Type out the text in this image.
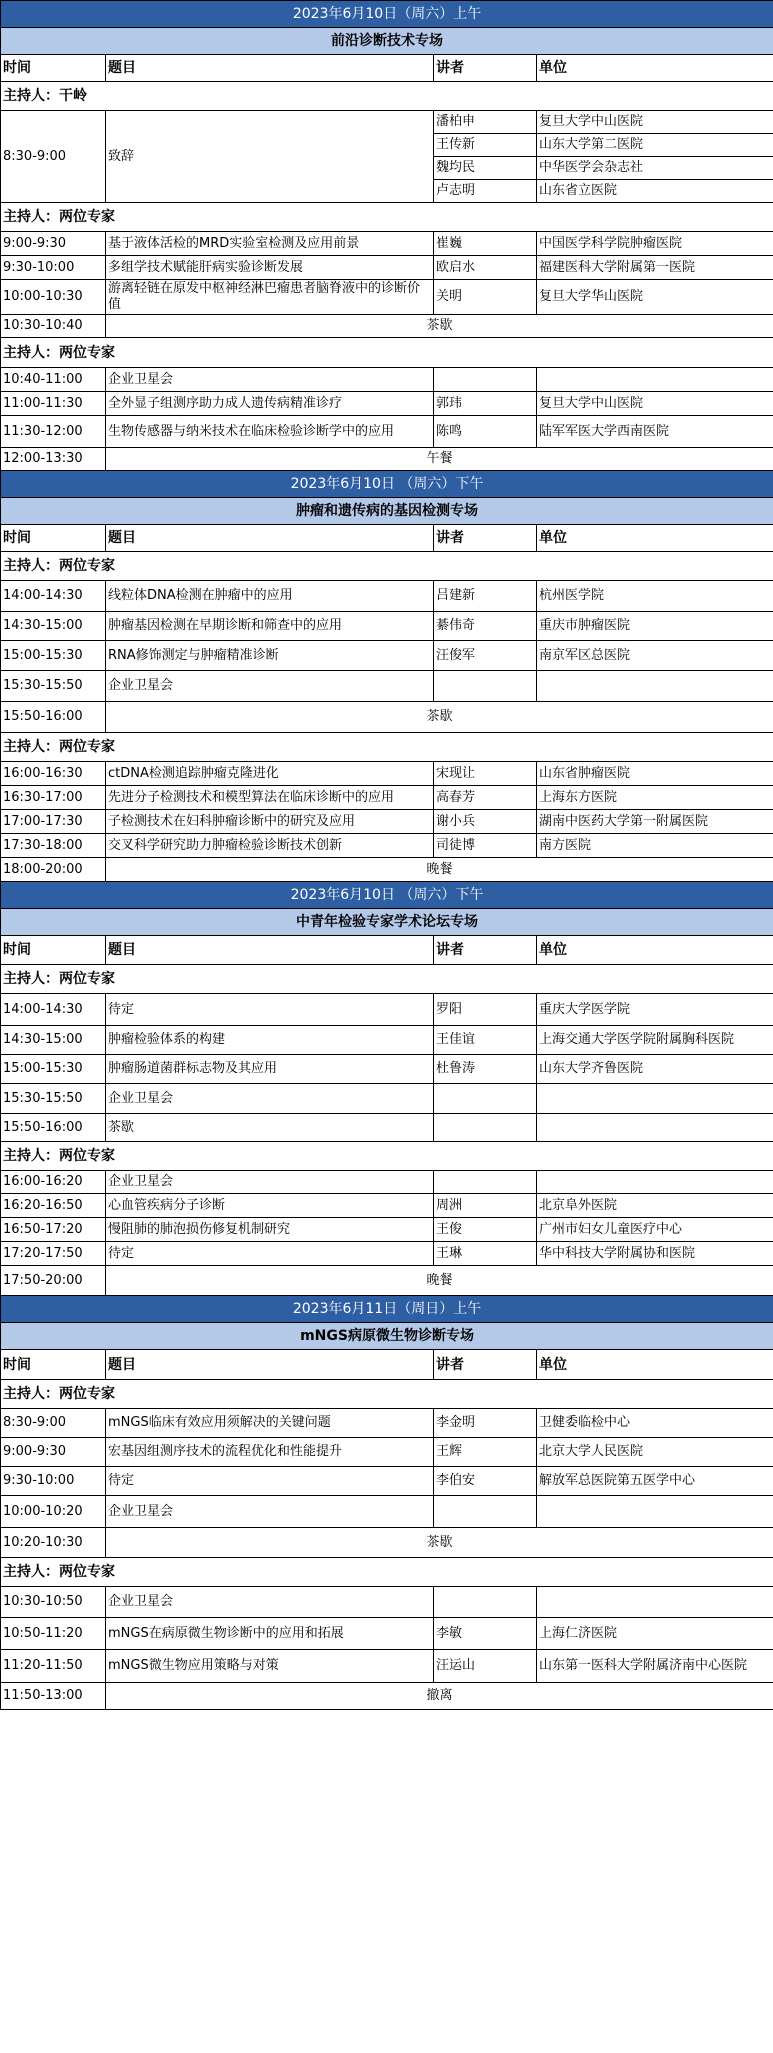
2023年6月10日（周六）上午			
前沿诊断技术专场			
时间	题目	讲者	单位
主持人：干岭			
8:30-9:00	致辞	潘柏申	复旦大学中山医院
		王传新	山东大学第二医院
		魏均民	中华医学会杂志社
		卢志明	山东省立医院
主持人：两位专家			
9:00-9:30	基于液体活检的MRD实验室检测及应用前景	崔巍	中国医学科学院肿瘤医院
9:30-10:00	多组学技术赋能肝病实验诊断发展	欧启水	福建医科大学附属第一医院
10:00-10:30	游离轻链在原发中枢神经淋巴瘤患者脑脊液中的诊断价值	关明	复旦大学华山医院
10:30-10:40	茶歇		
主持人：两位专家			
10:40-11:00	企业卫星会		
11:00-11:30	全外显子组测序助力成人遗传病精准诊疗	郭玮	复旦大学中山医院
11:30-12:00	生物传感器与纳米技术在临床检验诊断学中的应用	陈鸣	陆军军医大学西南医院
12:00-13:30	午餐		
2023年6月10日 （周六）下午			
肿瘤和遗传病的基因检测专场			
时间	题目	讲者	单位
主持人：两位专家			
14:00-14:30	线粒体DNA检测在肿瘤中的应用	吕建新	杭州医学院
14:30-15:00	肿瘤基因检测在早期诊断和筛查中的应用	綦伟奇	重庆市肿瘤医院
15:00-15:30	RNA修饰测定与肿瘤精准诊断	汪俊军	南京军区总医院
15:30-15:50	企业卫星会		
15:50-16:00	茶歇		
主持人：两位专家			
16:00-16:30	ctDNA检测追踪肿瘤克隆进化	宋现让	山东省肿瘤医院
16:30-17:00	先进分子检测技术和模型算法在临床诊断中的应用	高春芳	上海东方医院
17:00-17:30	子检测技术在妇科肿瘤诊断中的研究及应用	谢小兵	湖南中医药大学第一附属医院
17:30-18:00	交叉科学研究助力肿瘤检验诊断技术创新	司徒博	南方医院
18:00-20:00	晚餐		
2023年6月10日 （周六）下午			
中青年检验专家学术论坛专场			
时间	题目	讲者	单位
主持人：两位专家			
14:00-14:30	待定	罗阳	重庆大学医学院
14:30-15:00	肿瘤检验体系的构建	王佳谊	上海交通大学医学院附属胸科医院
15:00-15:30	肿瘤肠道菌群标志物及其应用	杜鲁涛	山东大学齐鲁医院
15:30-15:50	企业卫星会		
15:50-16:00	茶歇		
主持人：两位专家			
16:00-16:20	企业卫星会		
16:20-16:50	心血管疾病分子诊断	周洲	北京阜外医院
16:50-17:20	慢阻肺的肺泡损伤修复机制研究	王俊	广州市妇女儿童医疗中心
17:20-17:50	待定	王琳	华中科技大学附属协和医院
17:50-20:00	晚餐		
2023年6月11日（周日）上午			
mNGS病原微生物诊断专场			
时间	题目	讲者	单位
主持人：两位专家			
8:30-9:00	mNGS临床有效应用须解决的关键问题	李金明	卫健委临检中心
9:00-9:30	宏基因组测序技术的流程优化和性能提升	王辉	北京大学人民医院
9:30-10:00	待定	李伯安	解放军总医院第五医学中心
10:00-10:20	企业卫星会		
10:20-10:30	茶歇		
主持人：两位专家			
10:30-10:50	企业卫星会		
10:50-11:20	mNGS在病原微生物诊断中的应用和拓展	李敏	上海仁济医院
11:20-11:50	mNGS微生物应用策略与对策	汪运山	山东第一医科大学附属济南中心医院
11:50-13:00	撤离		
